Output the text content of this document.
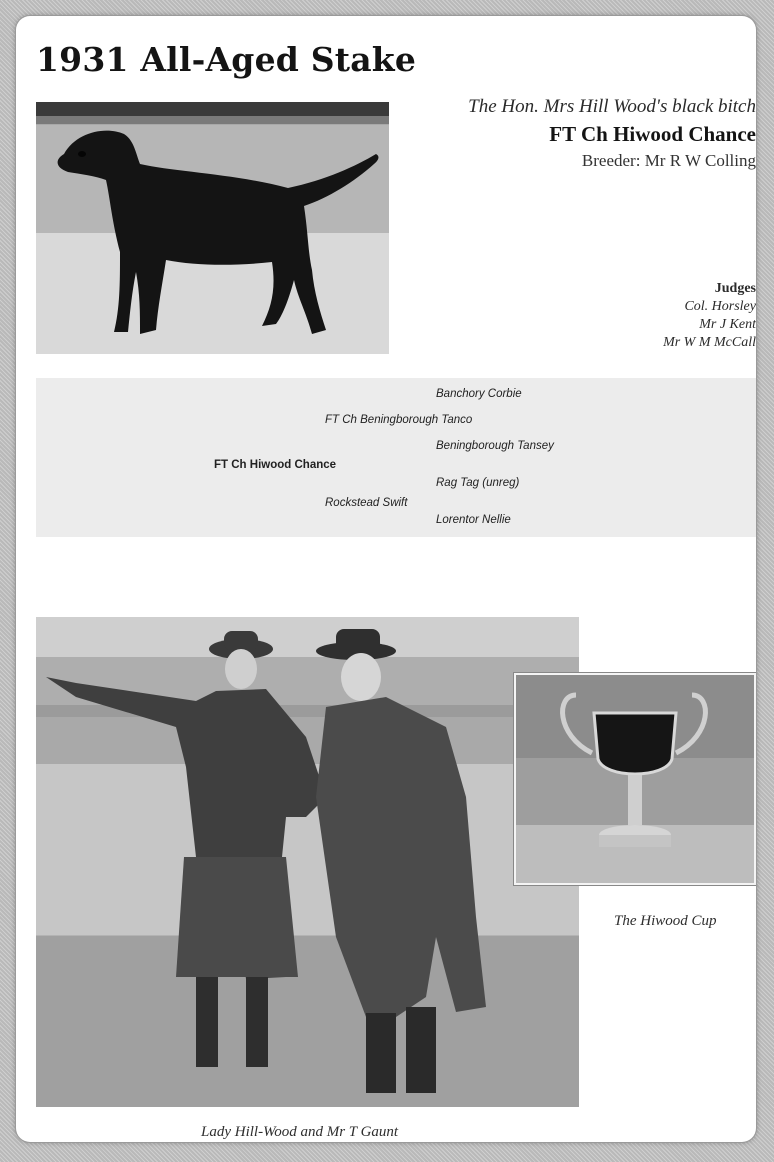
1931 All-Aged Stake
The Hon. Mrs Hill Wood's black bitch
FT Ch Hiwood Chance
Breeder: Mr R W Colling
Judges
Col. Horsley
Mr J Kent
Mr W M McCall
Banchory Corbie
FT Ch Beningborough Tanco
Beningborough Tansey
FT Ch Hiwood Chance
Rag Tag (unreg)
Rockstead Swift
Lorentor Nellie
The Hiwood Cup
Lady Hill-Wood and Mr T Gaunt
